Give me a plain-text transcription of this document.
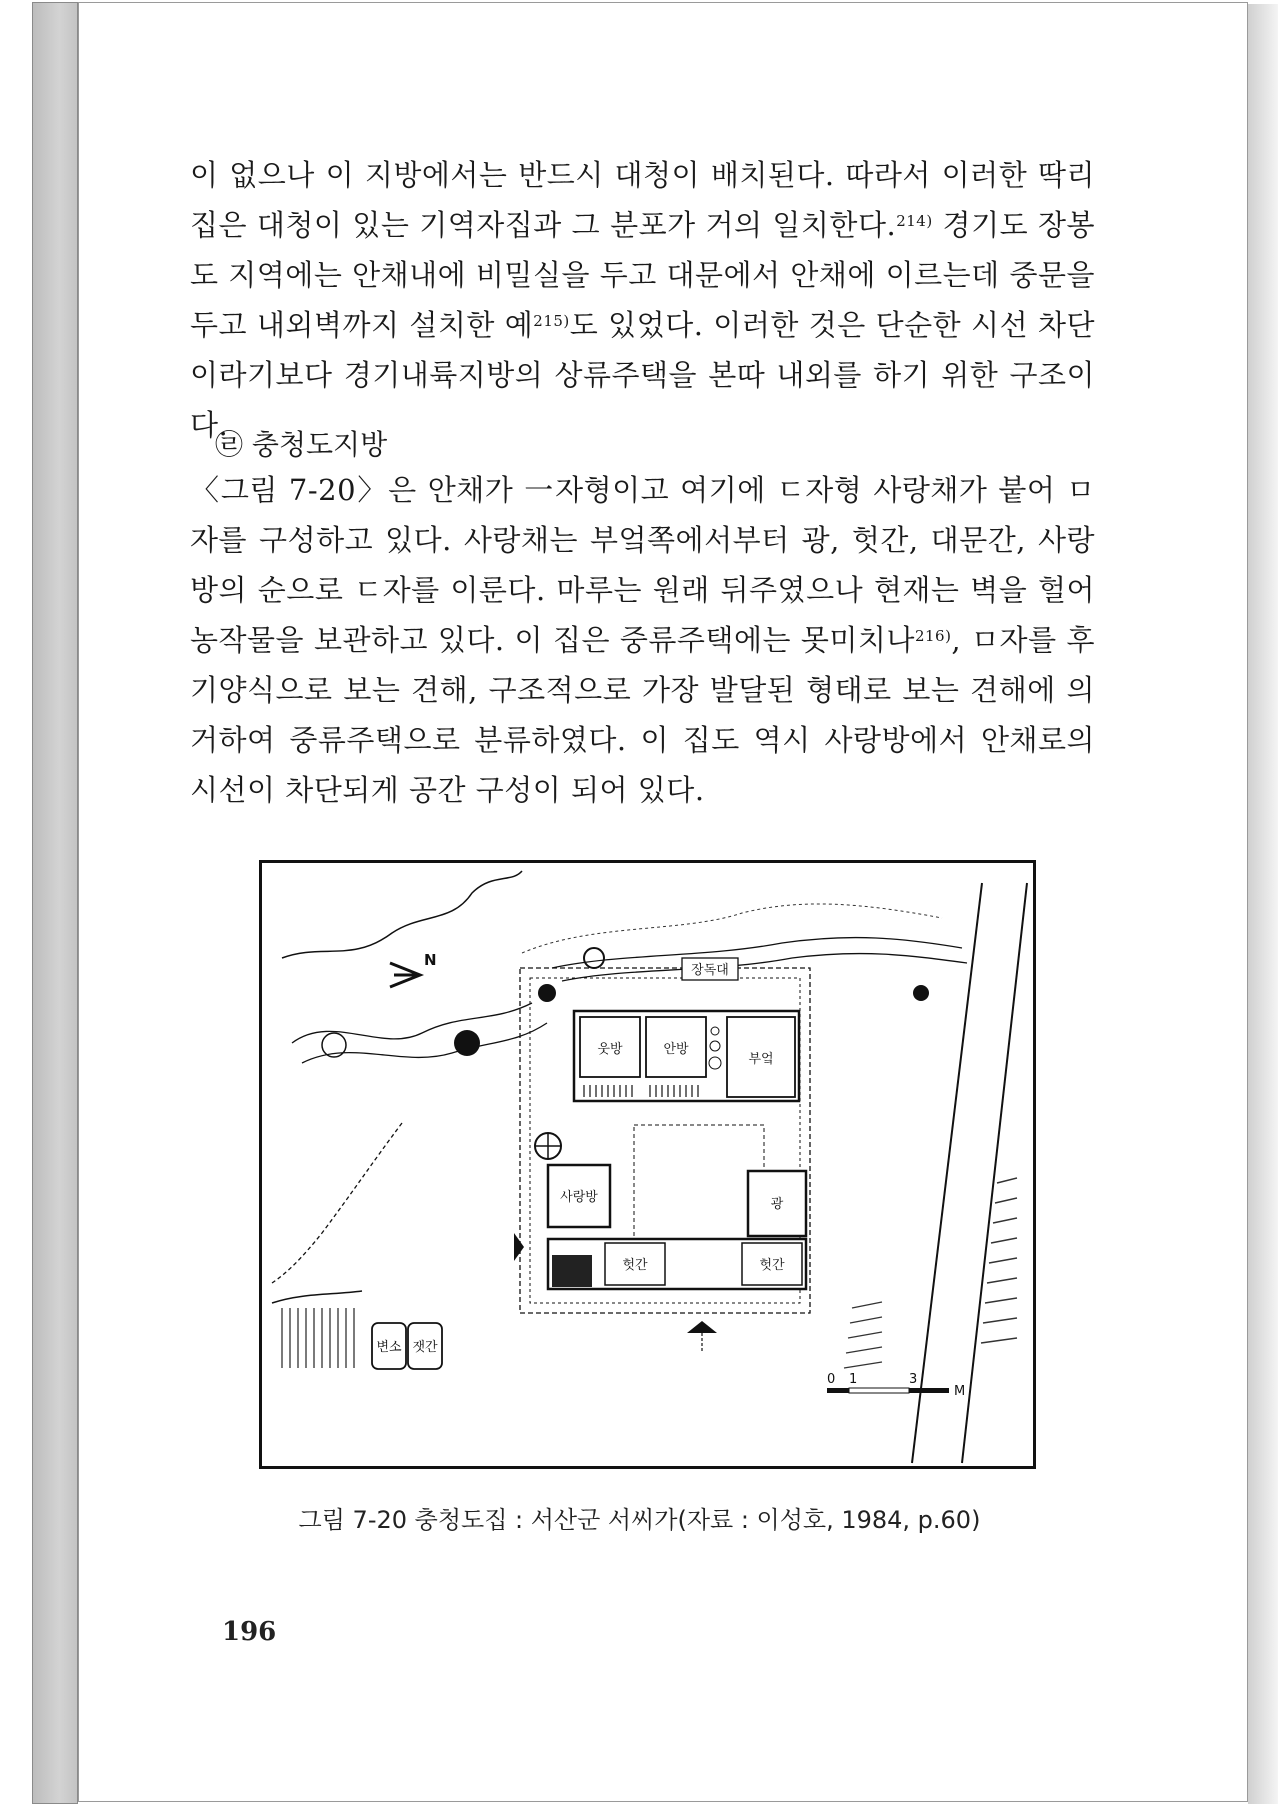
이 없으나 이 지방에서는 반드시 대청이 배치된다. 따라서 이러한 딱리집은 대청이 있는 기역자집과 그 분포가 거의 일치한다.$^{214)}$ 경기도 장봉도 지역에는 안채내에 비밀실을 두고 대문에서 안채에 이르는데 중문을 두고 내외벽까지 설치한 예$^{215)}$도 있었다. 이러한 것은 단순한 시선 차단이라기보다 경기내륙지방의 상류주택을 본따 내외를 하기 위한 구조이다.

㉣ 충청도지방

〈그림 7-20〉은 안채가 一자형이고 여기에 ㄷ자형 사랑채가 붙어 ㅁ자를 구성하고 있다. 사랑채는 부엌쪽에서부터 광, 헛간, 대문간, 사랑방의 순으로 ㄷ자를 이룬다. 마루는 원래 뒤주였으나 현재는 벽을 헐어 농작물을 보관하고 있다. 이 집은 중류주택에는 못미치나$^{216)}$, ㅁ자를 후기양식으로 보는 견해, 구조적으로 가장 발달된 형태로 보는 견해에 의거하여 중류주택으로 분류하였다. 이 집도 역시 사랑방에서 안채로의 시선이 차단되게 공간 구성이 되어 있다.

N
장독대
웃방	안방
부엌
사랑방	광
헛간	헛간
변소 잿간
0 1	3
M
그림 7-20 충청도집 : 서산군 서씨가(자료 : 이성호, 1984, p.60)
196
